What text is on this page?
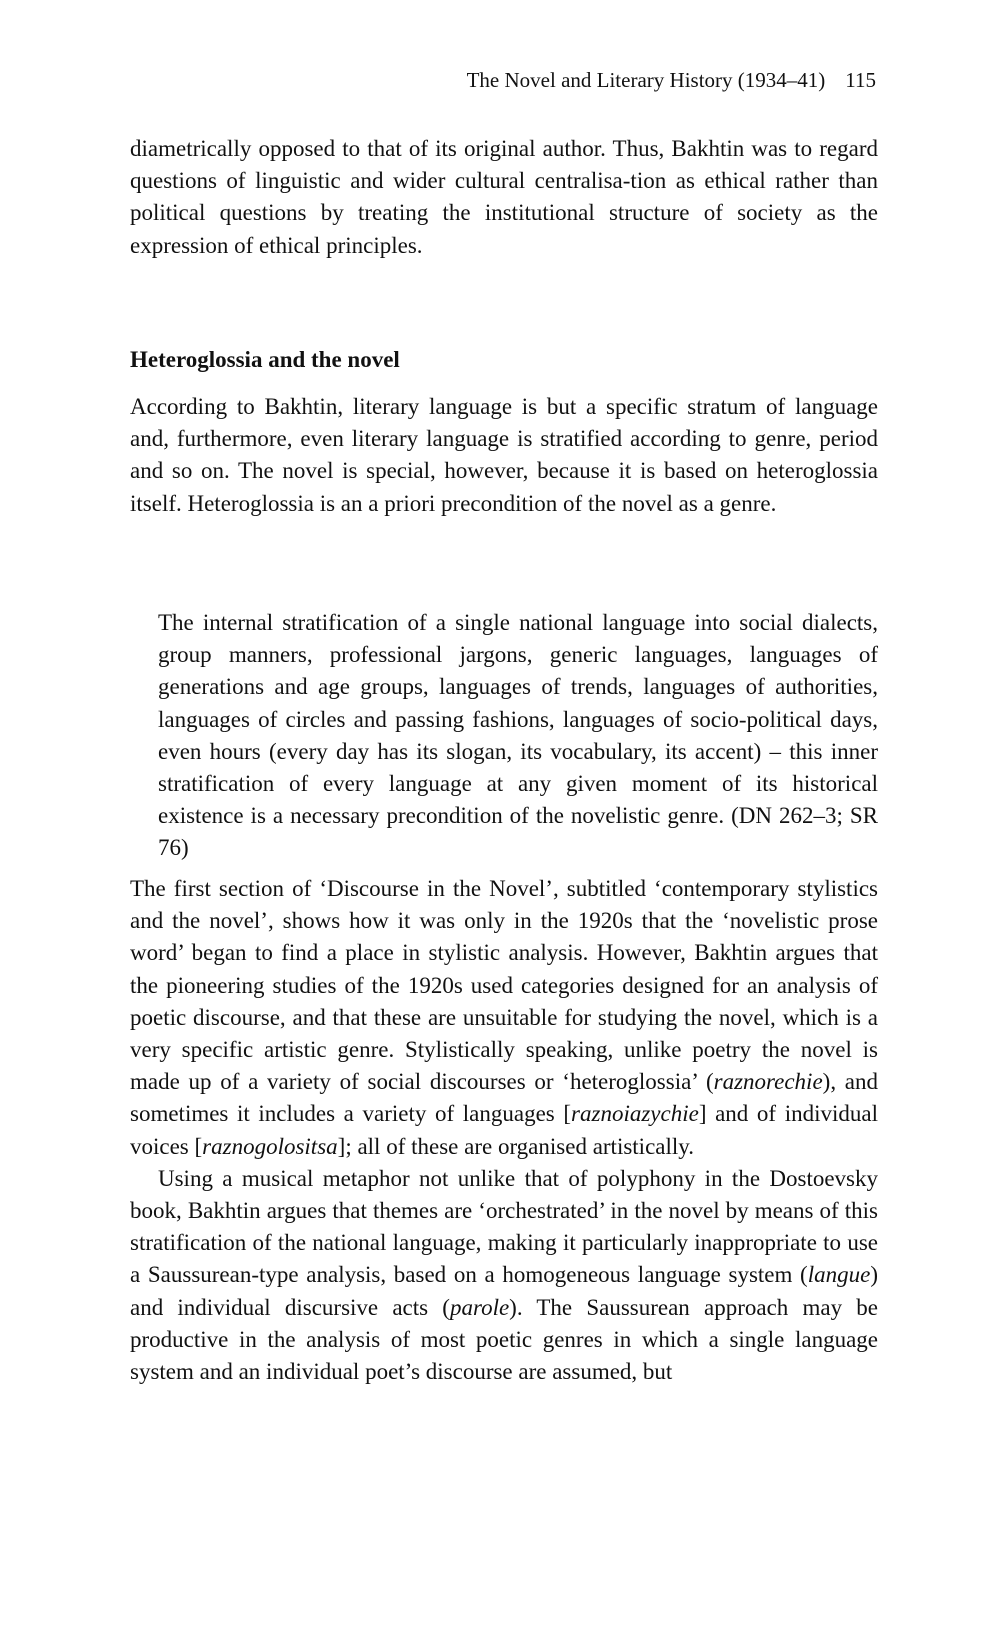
The Novel and Literary History (1934–41) 115

diametrically opposed to that of its original author. Thus, Bakhtin was to regard questions of linguistic and wider cultural centralisa-tion as ethical rather than political questions by treating the institutional structure of society as the expression of ethical principles.

Heteroglossia and the novel

According to Bakhtin, literary language is but a specific stratum of language and, furthermore, even literary language is stratified according to genre, period and so on. The novel is special, however, because it is based on heteroglossia itself. Heteroglossia is an a priori precondition of the novel as a genre.

The internal stratification of a single national language into social dialects, group manners, professional jargons, generic languages, languages of generations and age groups, languages of trends, languages of authorities, languages of circles and passing fashions, languages of socio-political days, even hours (every day has its slogan, its vocabulary, its accent) – this inner stratification of every language at any given moment of its historical existence is a necessary precondition of the novelistic genre. (DN 262–3; SR 76)

The first section of ‘Discourse in the Novel’, subtitled ‘contemporary stylistics and the novel’, shows how it was only in the 1920s that the ‘novelistic prose word’ began to find a place in stylistic analysis. However, Bakhtin argues that the pioneering studies of the 1920s used categories designed for an analysis of poetic discourse, and that these are unsuitable for studying the novel, which is a very specific artistic genre. Stylistically speaking, unlike poetry the novel is made up of a variety of social discourses or ‘heteroglossia’ (raznorechie), and sometimes it includes a variety of languages [raznoiazychie] and of individual voices [raznogolositsa]; all of these are organised artistically.

Using a musical metaphor not unlike that of polyphony in the Dostoevsky book, Bakhtin argues that themes are ‘orchestrated’ in the novel by means of this stratification of the national language, making it particularly inappropriate to use a Saussurean-type analysis, based on a homogeneous language system (langue) and individual discursive acts (parole). The Saussurean approach may be productive in the analysis of most poetic genres in which a single language system and an individual poet’s discourse are assumed, but
